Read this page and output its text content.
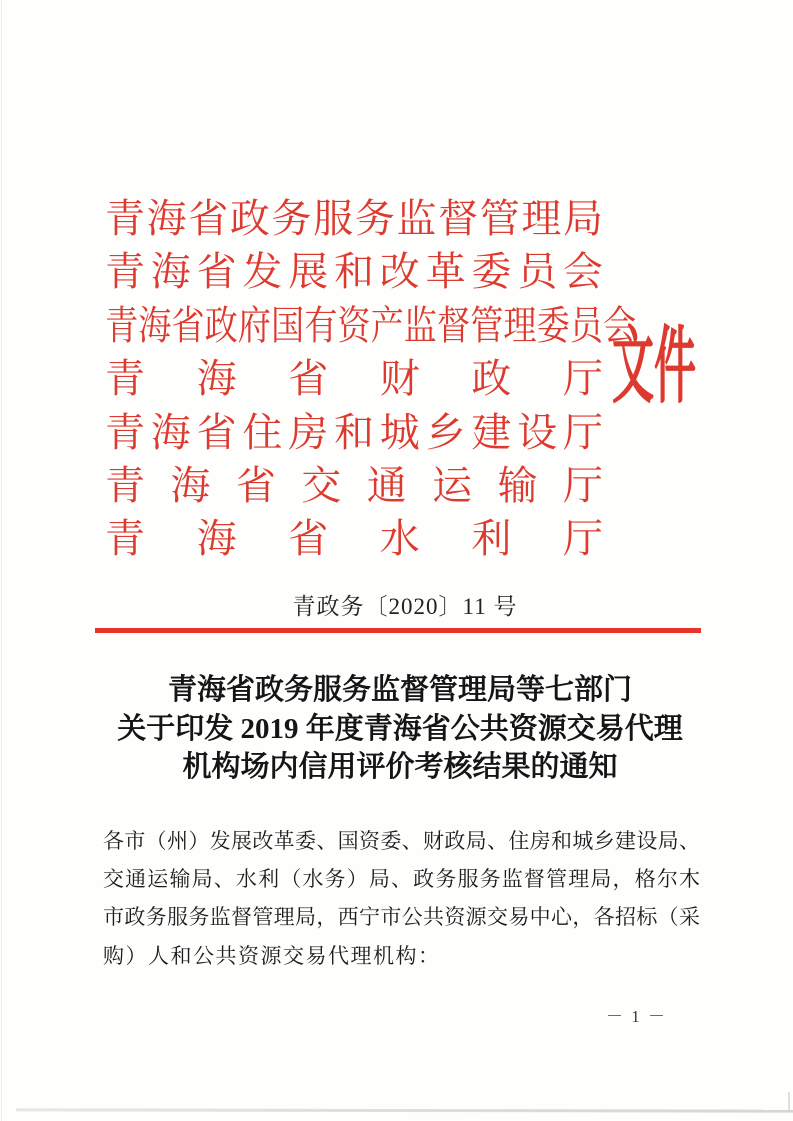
青海省政务服务监督管理局
青海省发展和改革委员会
青海省政府国有资产监督管理委员会
青海省财政厅
青海省住房和城乡建设厅
青海省交通运输厅
青海省水利厅
文件
青政务〔2020〕11 号
青海省政务服务监督管理局等七部门
关于印发 2019 年度青海省公共资源交易代理
机构场内信用评价考核结果的通知
各市（州）发展改革委、国资委、财政局、住房和城乡建设局、
交通运输局、水利（水务）局、政务服务监督管理局，格尔木
市政务服务监督管理局，西宁市公共资源交易中心，各招标（采
购）人和公共资源交易代理机构：
－ 1 －
